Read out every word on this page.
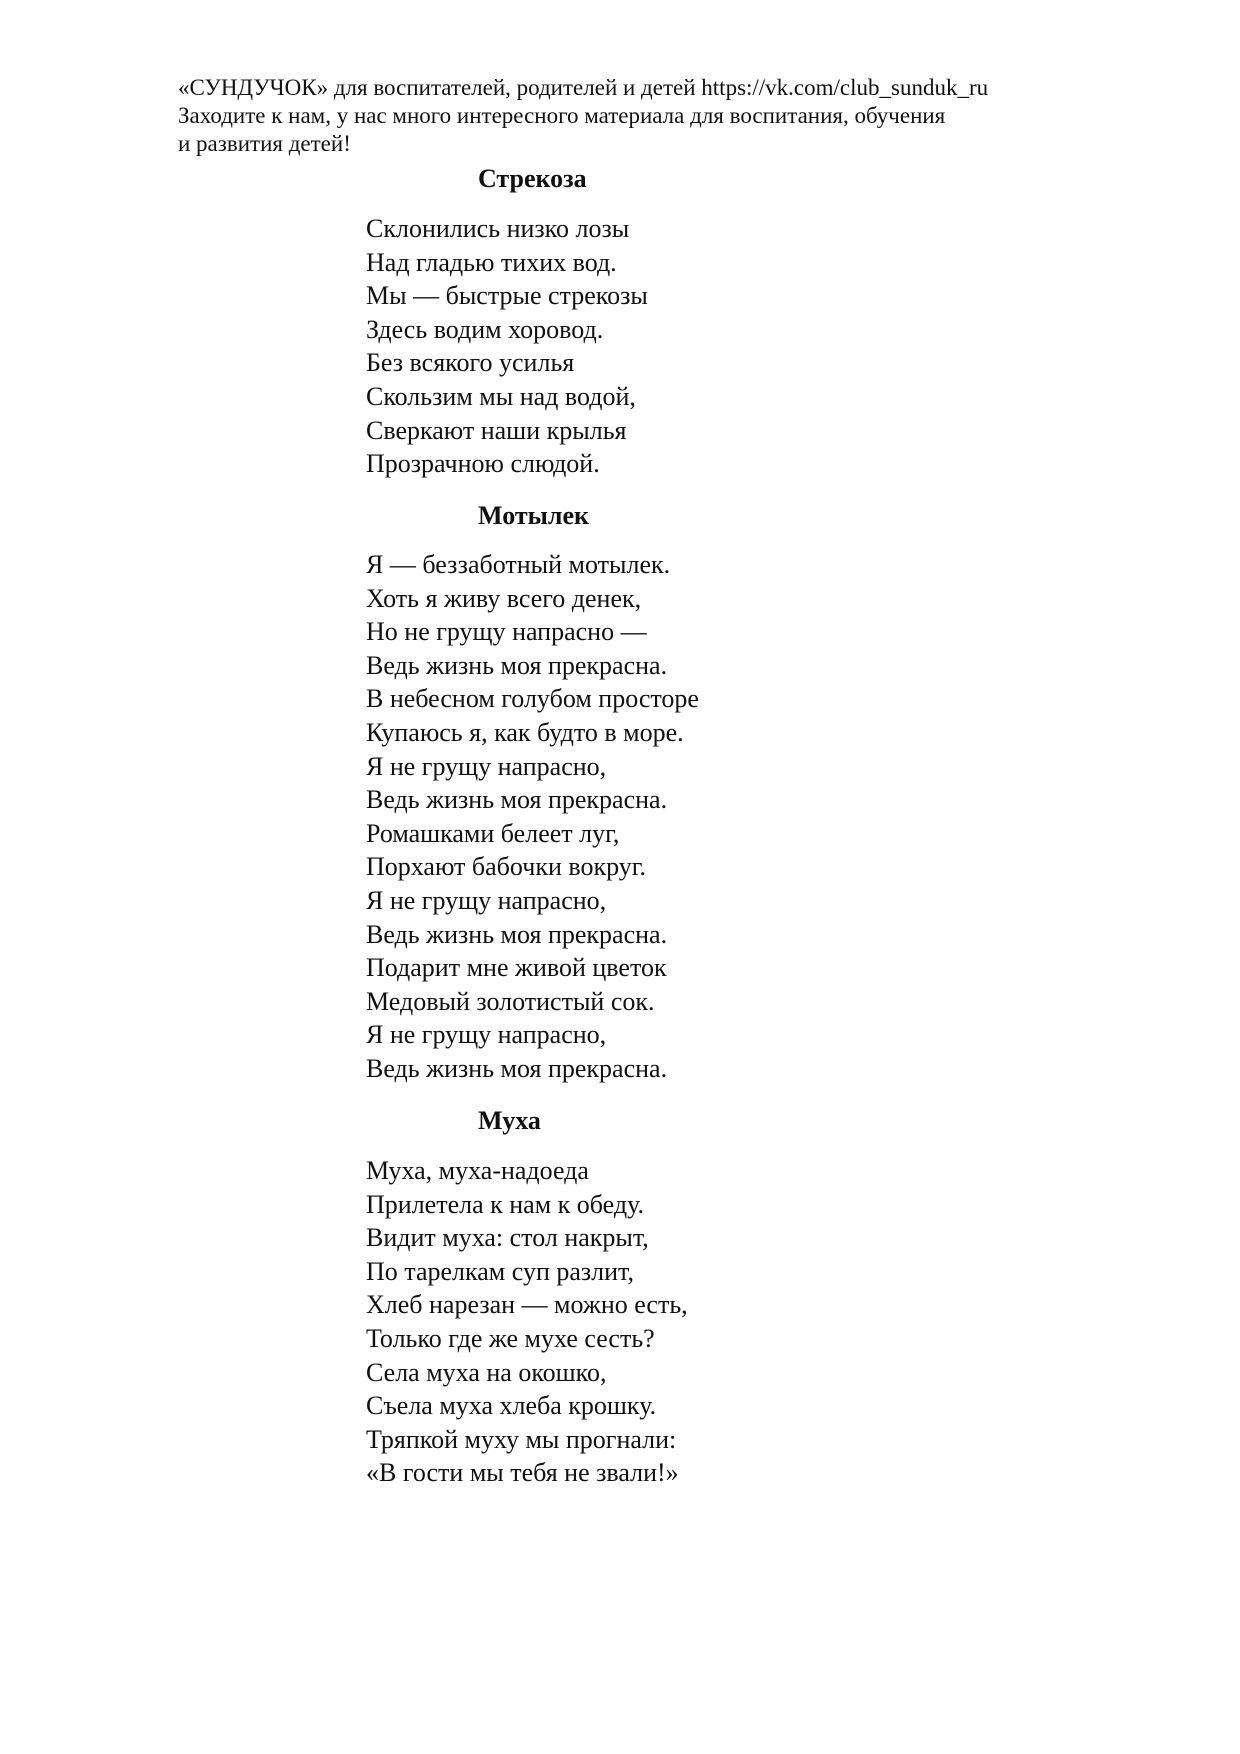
«СУНДУЧОК» для воспитателей, родителей и детей https://vk.com/club_sunduk_ru
Заходите к нам, у нас много интересного материала для воспитания, обучения
и развития детей!
Стрекоза
Склонились низко лозы
Над гладью тихих вод.
Мы — быстрые стрекозы
Здесь водим хоровод.
Без всякого усилья
Скользим мы над водой,
Сверкают наши крылья
Прозрачною слюдой.
Мотылек
Я — беззаботный мотылек.
Хоть я живу всего денек,
Но не грущу напрасно —
Ведь жизнь моя прекрасна.
В небесном голубом просторе
Купаюсь я, как будто в море.
Я не грущу напрасно,
Ведь жизнь моя прекрасна.
Ромашками белеет луг,
Порхают бабочки вокруг.
Я не грущу напрасно,
Ведь жизнь моя прекрасна.
Подарит мне живой цветок
Медовый золотистый сок.
Я не грущу напрасно,
Ведь жизнь моя прекрасна.
Муха
Муха, муха-надоеда
Прилетела к нам к обеду.
Видит муха: стол накрыт,
По тарелкам суп разлит,
Хлеб нарезан — можно есть,
Только где же мухе сесть?
Села муха на окошко,
Съела муха хлеба крошку.
Тряпкой муху мы прогнали:
«В гости мы тебя не звали!»
